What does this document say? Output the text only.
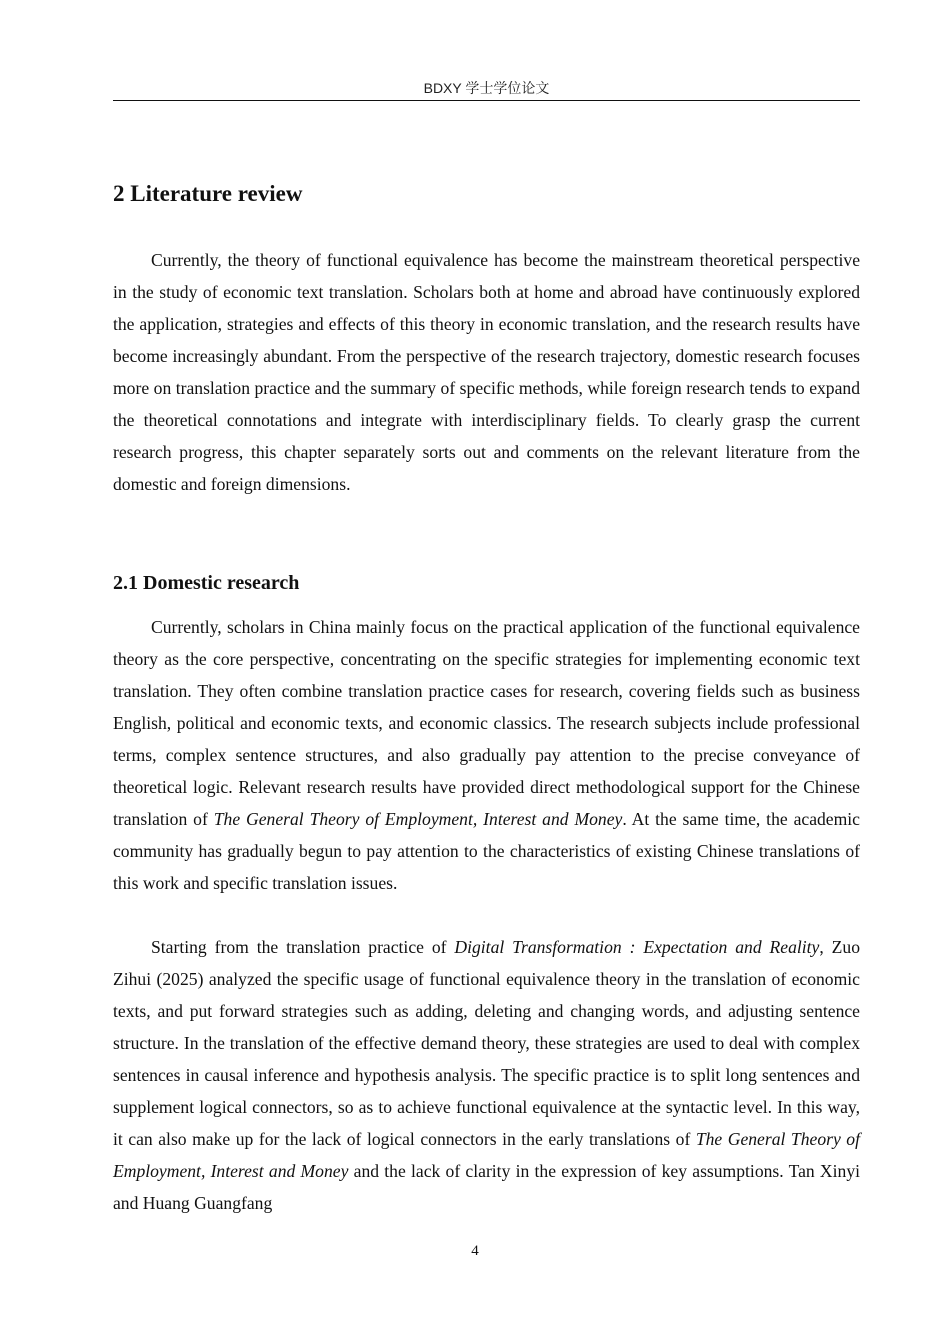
BDXY 学士学位论文
2 Literature review

Currently, the theory of functional equivalence has become the mainstream theoretical perspective in the study of economic text translation. Scholars both at home and abroad have continuously explored the application, strategies and effects of this theory in economic translation, and the research results have become increasingly abundant. From the perspective of the research trajectory, domestic research focuses more on translation practice and the summary of specific methods, while foreign research tends to expand the theoretical connotations and integrate with interdisciplinary fields. To clearly grasp the current research progress, this chapter separately sorts out and comments on the relevant literature from the domestic and foreign dimensions.

2.1 Domestic research

Currently, scholars in China mainly focus on the practical application of the functional equivalence theory as the core perspective, concentrating on the specific strategies for implementing economic text translation. They often combine translation practice cases for research, covering fields such as business English, political and economic texts, and economic classics. The research subjects include professional terms, complex sentence structures, and also gradually pay attention to the precise conveyance of theoretical logic. Relevant research results have provided direct methodological support for the Chinese translation of The General Theory of Employment, Interest and Money. At the same time, the academic community has gradually begun to pay attention to the characteristics of existing Chinese translations of this work and specific translation issues.

Starting from the translation practice of Digital Transformation : Expectation and Reality, Zuo Zihui (2025) analyzed the specific usage of functional equivalence theory in the translation of economic texts, and put forward strategies such as adding, deleting and changing words, and adjusting sentence structure. In the translation of the effective demand theory, these strategies are used to deal with complex sentences in causal inference and hypothesis analysis. The specific practice is to split long sentences and supplement logical connectors, so as to achieve functional equivalence at the syntactic level. In this way, it can also make up for the lack of logical connectors in the early translations of The General Theory of Employment, Interest and Money and the lack of clarity in the expression of key assumptions. Tan Xinyi and Huang Guangfang

4
